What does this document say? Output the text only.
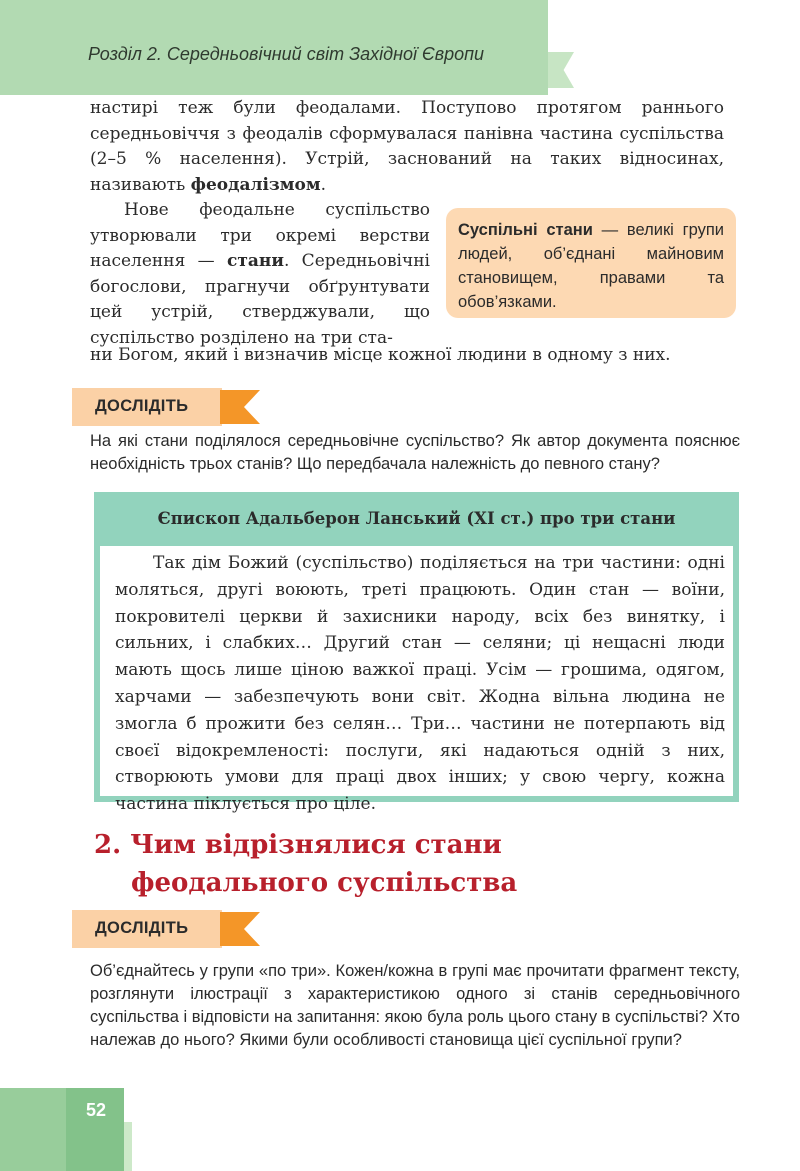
Розділ 2. Середньовічний світ Західної Європи

настирі теж були феодалами. Поступово протягом раннього середньовіччя з феодалів сформувалася панівна частина суспільства (2–5 % населення). Устрій, заснований на таких відносинах, називають феодалізмом.

Нове феодальне суспільство утворювали три окремі верстви населення — стани. Середньовічні богослови, прагнучи обґрунтувати цей устрій, стверджували, що суспільство розділено на три ста-

ни Богом, який і визначив місце кожної людини в одному з них.

Суспільні стани — великі групи людей, об’єднані майновим становищем, правами та обов’язками.

ДОСЛІДІТЬ

На які стани поділялося середньовічне суспільство? Як автор документа пояснює необхідність трьох станів? Що передбачала належність до певного стану?

Єпископ Адальберон Ланський (XI ст.) про три стани

Так дім Божий (суспільство) поділяється на три частини: одні моляться, другі воюють, треті працюють. Один стан — воїни, покровителі церкви й захисники народу, всіх без винятку, і сильних, і слабких… Другий стан — селяни; ці нещасні люди мають щось лише ціною важкої праці. Усім — грошима, одягом, харчами — забезпечують вони світ. Жодна вільна людина не змогла б прожити без селян… Три… частини не потерпають від своєї відокремленості: послуги, які надаються одній з них, створюють умови для праці двох інших; у свою чергу, кожна частина піклується про ціле.

2. Чим відрізнялися стани
феодального суспільства

ДОСЛІДІТЬ

Об’єднайтесь у групи «по три». Кожен/кожна в групі має прочитати фрагмент тексту, розглянути ілюстрації з характеристикою одного зі станів середньовічного суспільства і відповісти на запитання: якою була роль цього стану в суспільстві? Хто належав до нього? Якими були особливості становища цієї суспільної групи?

52
